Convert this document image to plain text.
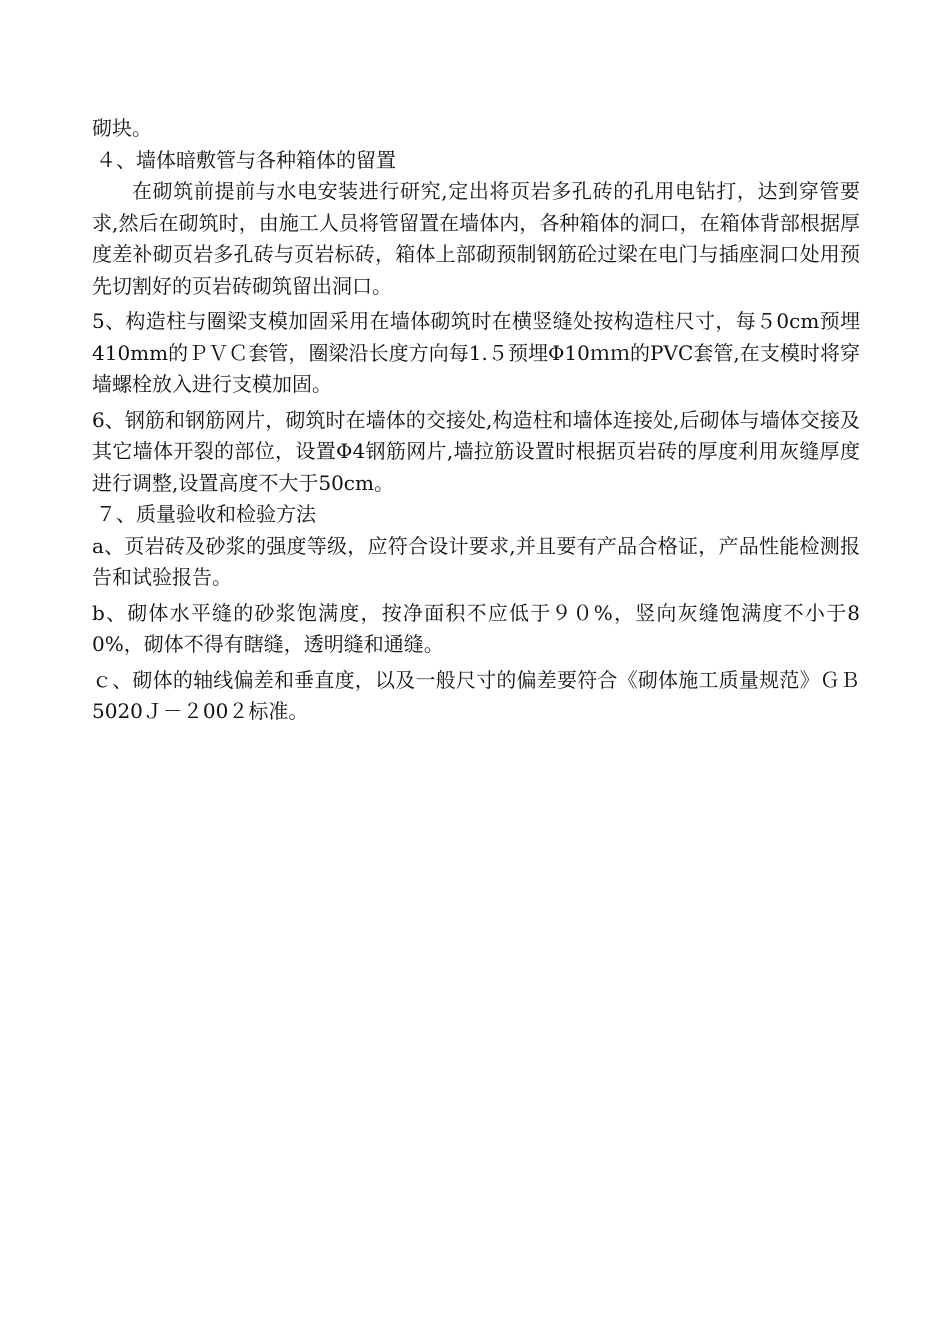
砌块。

４、墙体暗敷管与各种箱体的留置

在砌筑前提前与水电安装进行研究,定出将页岩多孔砖的孔用电钻打，达到穿管要求,然后在砌筑时，由施工人员将管留置在墙体内，各种箱体的洞口，在箱体背部根据厚度差补砌页岩多孔砖与页岩标砖，箱体上部砌预制钢筋砼过梁在电门与插座洞口处用预先切割好的页岩砖砌筑留出洞口。

5、构造柱与圈梁支模加固采用在墙体砌筑时在横竖缝处按构造柱尺寸，每５0cm预埋410mm的ＰＶＣ套管，圈梁沿长度方向每1.５预埋Φ10ｍｍ的PVC套管,在支模时将穿墙螺栓放入进行支模加固。

6、钢筋和钢筋网片，砌筑时在墙体的交接处,构造柱和墙体连接处,后砌体与墙体交接及其它墙体开裂的部位，设置Φ4钢筋网片,墙拉筋设置时根据页岩砖的厚度利用灰缝厚度进行调整,设置高度不大于50cm。

７、质量验收和检验方法

a、页岩砖及砂浆的强度等级，应符合设计要求,并且要有产品合格证，产品性能检测报告和试验报告。

b、砌体水平缝的砂浆饱满度，按净面积不应低于９０%，竖向灰缝饱满度不小于80%，砌体不得有瞎缝，透明缝和通缝。

ｃ、砌体的轴线偏差和垂直度，以及一般尺寸的偏差要符合《砌体施工质量规范》ＧＢ5020Ｊ－２00２标准。
